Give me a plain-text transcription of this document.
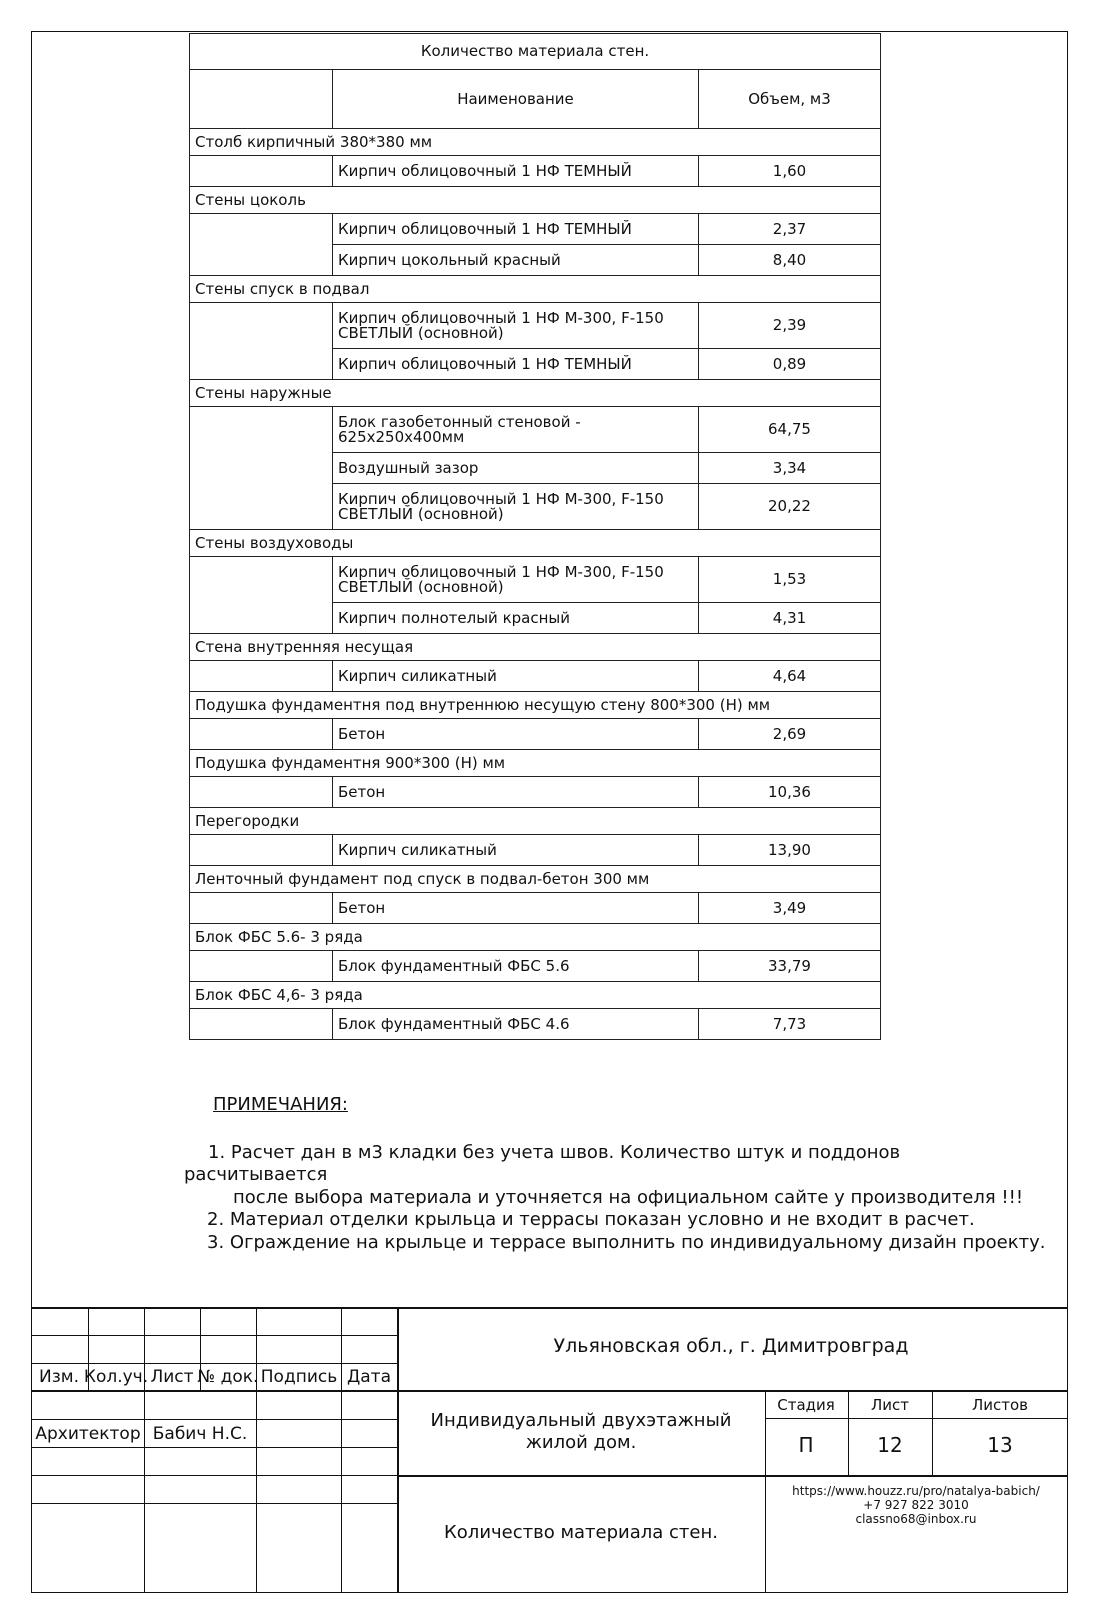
Количество материала стен.		
	Наименование	Объем, м3
Столб кирпичный 380*380 мм		
	Кирпич облицовочный 1 НФ ТЕМНЫЙ	1,60
Стены цоколь		
	Кирпич облицовочный 1 НФ ТЕМНЫЙ	2,37
	Кирпич цокольный красный	8,40
Стены спуск в подвал		
	Кирпич облицовочный 1 НФ М-300, F-150 СВЕТЛЫЙ (основной)	2,39
	Кирпич облицовочный 1 НФ ТЕМНЫЙ	0,89
Стены наружные		
	Блок газобетонный стеновой - 625х250х400мм	64,75
	Воздушный зазор	3,34
	Кирпич облицовочный 1 НФ М-300, F-150 СВЕТЛЫЙ (основной)	20,22
Стены воздуховоды		
	Кирпич облицовочный 1 НФ М-300, F-150 СВЕТЛЫЙ (основной)	1,53
	Кирпич полнотелый красный	4,31
Стена внутренняя несущая		
	Кирпич силикатный	4,64
Подушка фундаментня под внутреннюю несущую стену 800*300 (Н) мм		
	Бетон	2,69
Подушка фундаментня 900*300 (Н) мм		
	Бетон	10,36
Перегородки		
	Кирпич силикатный	13,90
Ленточный фундамент под спуск в подвал-бетон 300 мм		
	Бетон	3,49
Блок ФБС 5.6- 3 ряда		
	Блок фундаментный ФБС 5.6	33,79
Блок ФБС 4,6- 3 ряда		
	Блок фундаментный ФБС 4.6	7,73
ПРИМЕЧАНИЯ:
1. Расчет дан в м3 кладки без учета швов. Количество штук и поддонов
расчитывается
после выбора материала и уточняется на официальном сайте у производителя !!!
2. Материал отделки крыльца и террасы показан условно и не входит в расчет.
3. Ограждение на крыльце и террасе выполнить по индивидуальному дизайн проекту.
Изм. Кол.уч. Лист № док. Подпись Дата
Архитектор Бабич Н.С.
Ульяновская обл., г. Димитровград
Индивидуальный двухэтажный
жилой дом.
Количество материала стен.
Стадия Лист	Листов
П	12	13
https://www.houzz.ru/pro/natalya-babich/
+7 927 822 3010
classno68@inbox.ru
